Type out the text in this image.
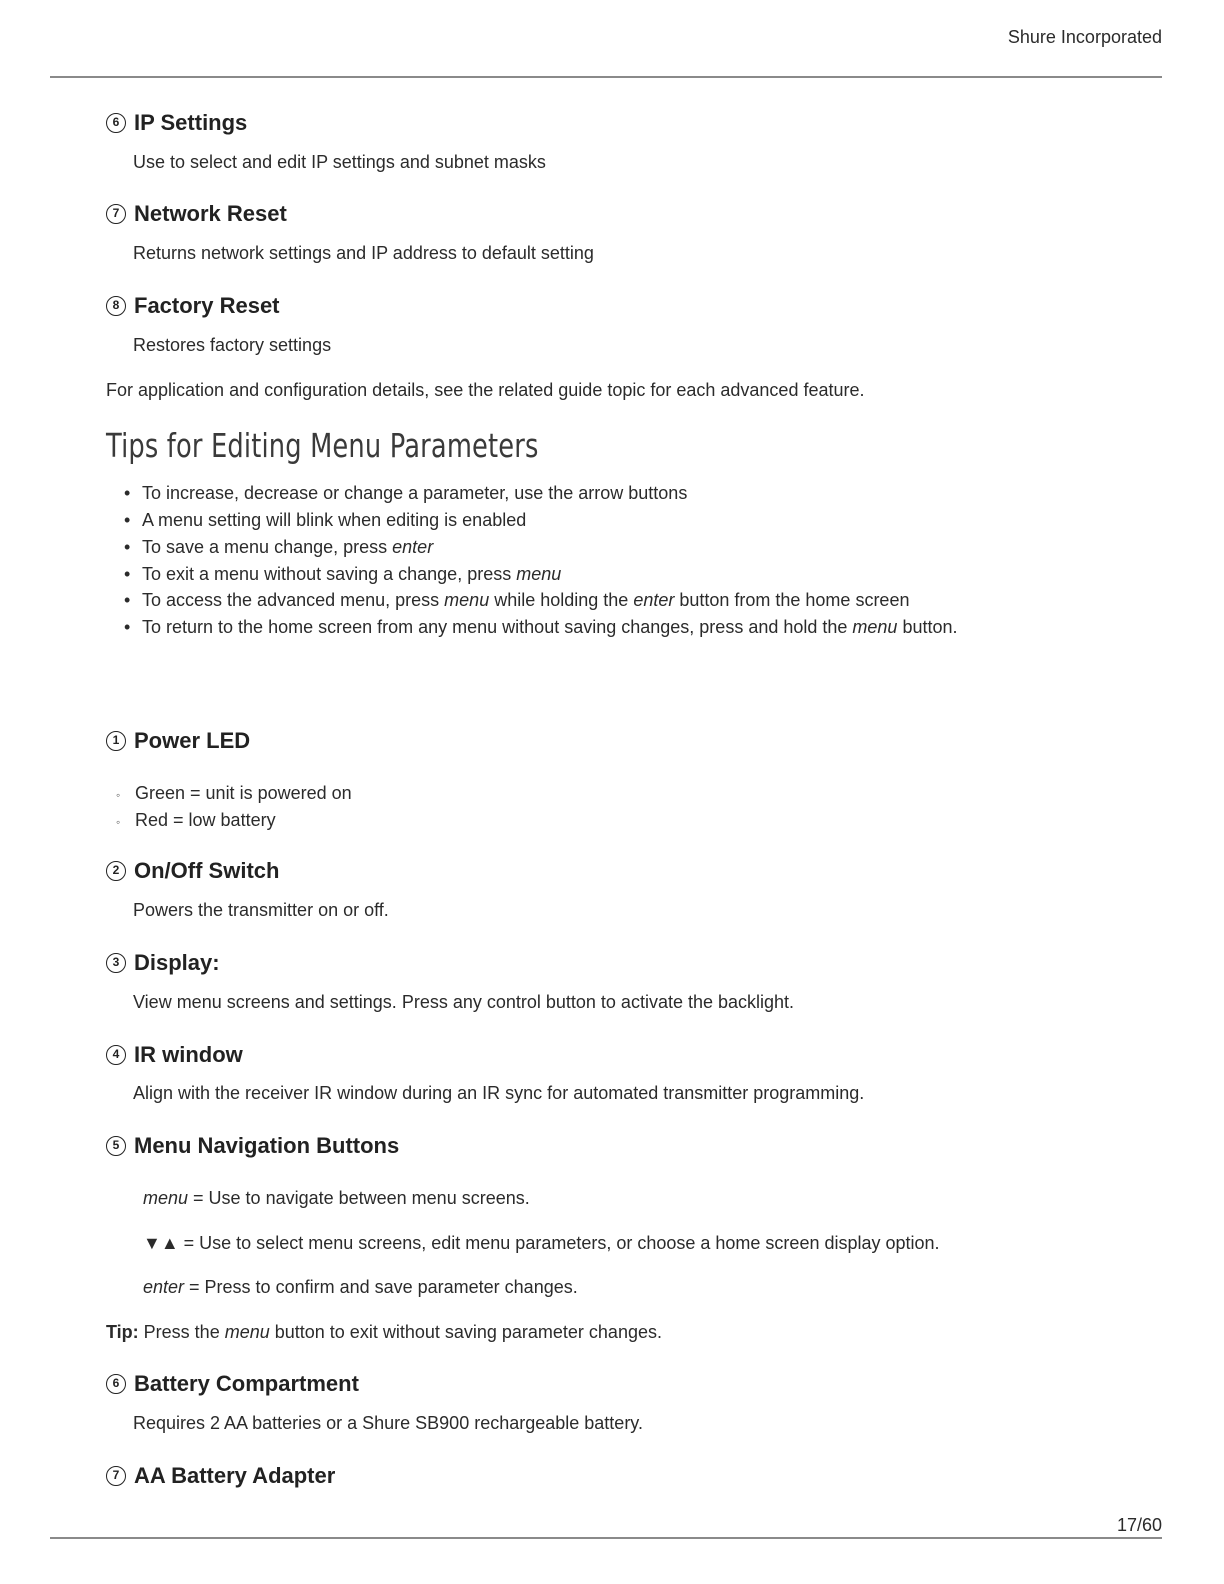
Shure Incorporated
6 IP Settings
Use to select and edit IP settings and subnet masks
7 Network Reset
Returns network settings and IP address to default setting
8 Factory Reset
Restores factory settings
For application and configuration details, see the related guide topic for each advanced feature.
Tips for Editing Menu Parameters
• To increase, decrease or change a parameter, use the arrow buttons
• A menu setting will blink when editing is enabled
• To save a menu change, press enter
• To exit a menu without saving a change, press menu
• To access the advanced menu, press menu while holding the enter button from the home screen
• To return to the home screen from any menu without saving changes, press and hold the menu button.
1 Power LED
◦ Green = unit is powered on
◦ Red = low battery
2 On/Off Switch
Powers the transmitter on or off.
3 Display:
View menu screens and settings. Press any control button to activate the backlight.
4 IR window
Align with the receiver IR window during an IR sync for automated transmitter programming.
5 Menu Navigation Buttons
menu = Use to navigate between menu screens.
▼▲ = Use to select menu screens, edit menu parameters, or choose a home screen display option.
enter = Press to confirm and save parameter changes.
Tip: Press the menu button to exit without saving parameter changes.
6 Battery Compartment
Requires 2 AA batteries or a Shure SB900 rechargeable battery.
7 AA Battery Adapter
17/60
